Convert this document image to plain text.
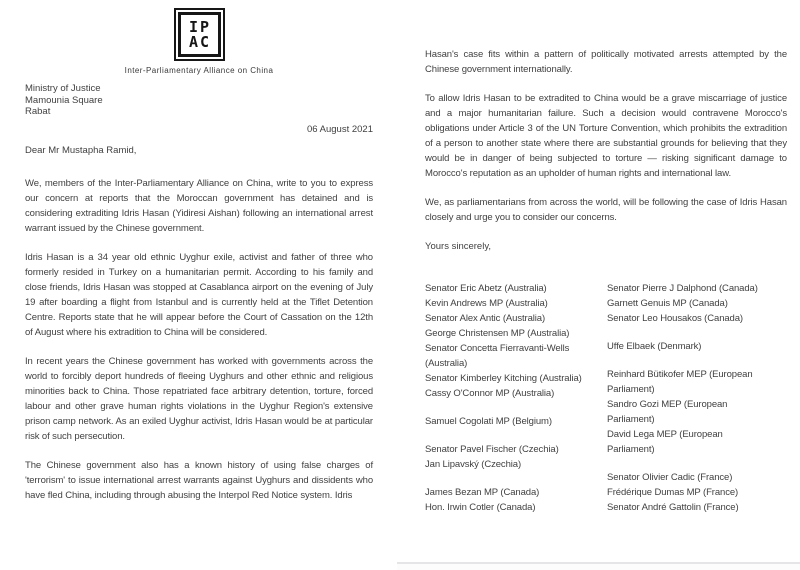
IP
AC
Inter-Parliamentary Alliance on China
Ministry of Justice
Mamounia Square
Rabat
06 August 2021
Dear Mr Mustapha Ramid,

We, members of the Inter-Parliamentary Alliance on China, write to you to express our concern at reports that the Moroccan government has detained and is considering extraditing Idris Hasan (Yidiresi Aishan) following an international arrest warrant issued by the Chinese government.

Idris Hasan is a 34 year old ethnic Uyghur exile, activist and father of three who formerly resided in Turkey on a humanitarian permit. According to his family and close friends, Idris Hasan was stopped at Casablanca airport on the evening of July 19 after boarding a flight from Istanbul and is currently held at the Tiflet Detention Centre. Reports state that he will appear before the Court of Cassation on the 12th of August where his extradition to China will be considered.

In recent years the Chinese government has worked with governments across the world to forcibly deport hundreds of fleeing Uyghurs and other ethnic and religious minorities back to China. Those repatriated face arbitrary detention, torture, forced labour and other grave human rights violations in the Uyghur Region's extensive prison camp network. As an exiled Uyghur activist, Idris Hasan would be at particular risk of such persecution.

The Chinese government also has a known history of using false charges of 'terrorism' to issue international arrest warrants against Uyghurs and dissidents who have fled China, including through abusing the Interpol Red Notice system. Idris

Hasan's case fits within a pattern of politically motivated arrests attempted by the Chinese government internationally.

To allow Idris Hasan to be extradited to China would be a grave miscarriage of justice and a major humanitarian failure. Such a decision would contravene Morocco's obligations under Article 3 of the UN Torture Convention, which prohibits the extradition of a person to another state where there are substantial grounds for believing that they would be in danger of being subjected to torture — risking significant damage to Morocco's reputation as an upholder of human rights and international law.

We, as parliamentarians from across the world, will be following the case of Idris Hasan closely and urge you to consider our concerns.

Yours sincerely,

Senator Eric Abetz (Australia)
Kevin Andrews MP (Australia)
Senator Alex Antic (Australia)
George Christensen MP (Australia)
Senator Concetta Fierravanti-Wells
(Australia)
Senator Kimberley Kitching (Australia)
Cassy O'Connor MP (Australia)
Samuel Cogolati MP (Belgium)
Senator Pavel Fischer (Czechia)
Jan Lipavský (Czechia)
James Bezan MP (Canada)
Hon. Irwin Cotler (Canada)
Senator Pierre J Dalphond (Canada)
Garnett Genuis MP (Canada)
Senator Leo Housakos (Canada)
Uffe Elbaek (Denmark)
Reinhard Bütikofer MEP (European
Parliament)
Sandro Gozi MEP (European
Parliament)
David Lega MEP (European
Parliament)
Senator Olivier Cadic (France)
Frédérique Dumas MP (France)
Senator André Gattolin (France)
